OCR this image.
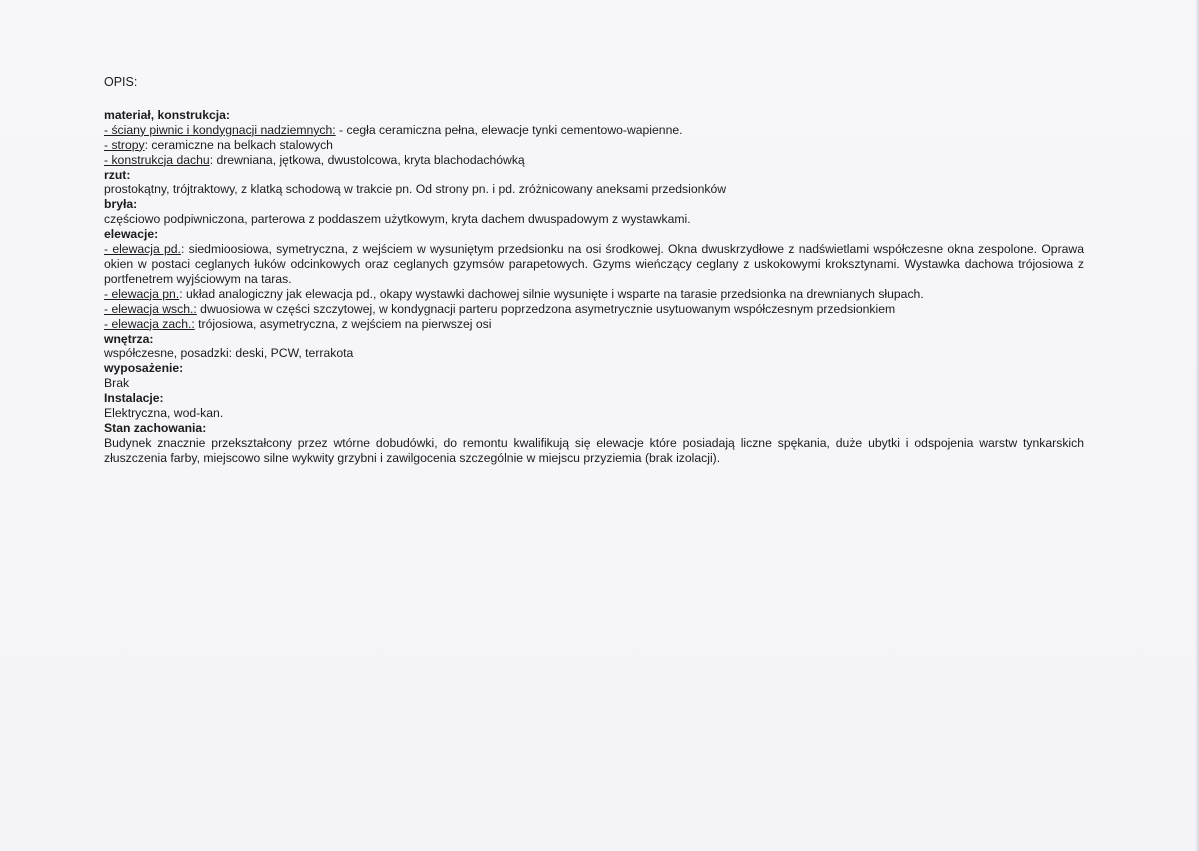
OPIS:
materiał, konstrukcja:
- ściany piwnic i kondygnacji nadziemnych: - cegła ceramiczna pełna, elewacje tynki cementowo-wapienne.
- stropy: ceramiczne na belkach stalowych
- konstrukcja dachu: drewniana, jętkowa, dwustolcowa, kryta blachodachówką
rzut:
prostokątny, trójtraktowy, z klatką schodową w trakcie pn. Od strony pn. i pd. zróżnicowany aneksami przedsionków
bryła:
częściowo podpiwniczona, parterowa z poddaszem użytkowym, kryta dachem dwuspadowym z wystawkami.
elewacje:
- elewacja pd.: siedmioosiowa, symetryczna, z wejściem w wysuniętym przedsionku na osi środkowej. Okna dwuskrzydłowe z nadświetlami współczesne okna zespolone. Oprawa okien w postaci ceglanych łuków odcinkowych oraz ceglanych gzymsów parapetowych. Gzyms wieńczący ceglany z uskokowymi kroksztynami. Wystawka dachowa trójosiowa z portfenetrem wyjściowym na taras.
- elewacja pn.: układ analogiczny jak elewacja pd., okapy wystawki dachowej silnie wysunięte i wsparte na tarasie przedsionka na drewnianych słupach.
- elewacja wsch.: dwuosiowa w części szczytowej, w kondygnacji parteru poprzedzona asymetrycznie usytuowanym współczesnym przedsionkiem
- elewacja zach.: trójosiowa, asymetryczna, z wejściem na pierwszej osi
wnętrza:
współczesne, posadzki: deski, PCW, terrakota
wyposażenie:
Brak
Instalacje:
Elektryczna, wod-kan.
Stan zachowania:
Budynek znacznie przekształcony przez wtórne dobudówki, do remontu kwalifikują się elewacje które posiadają liczne spękania, duże ubytki i odspojenia warstw tynkarskich złuszczenia farby, miejscowo silne wykwity grzybni i zawilgocenia szczególnie w miejscu przyziemia (brak izolacji).
